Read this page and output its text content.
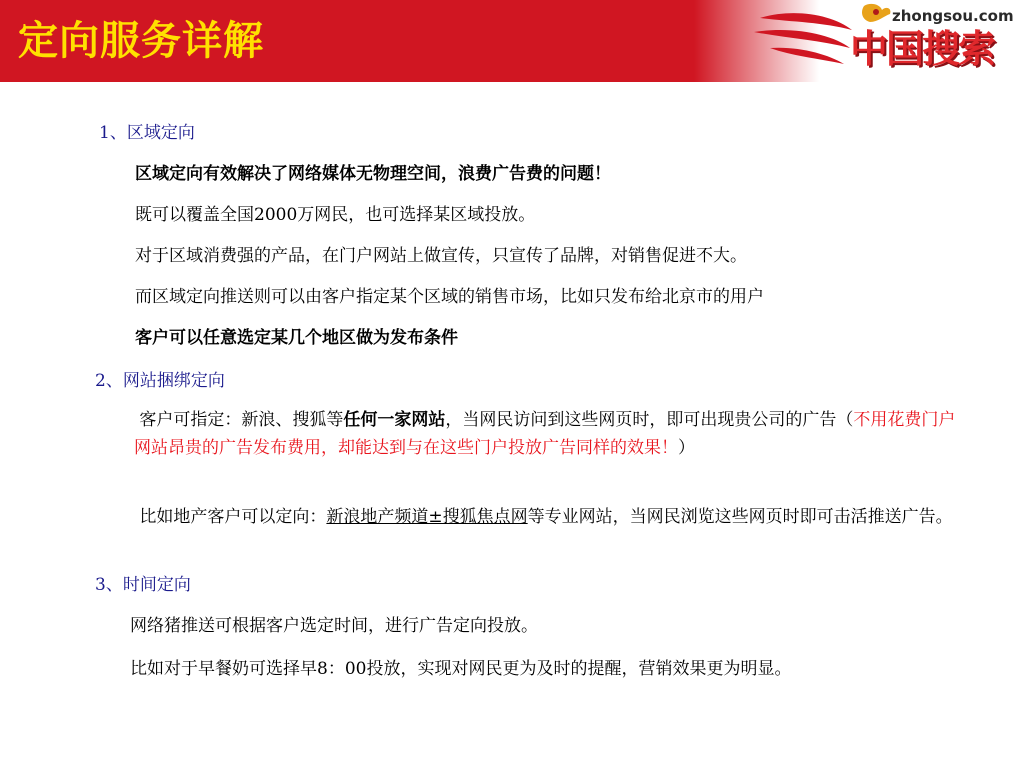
定向服务详解
zhongsou.com
中国搜索
1、区域定向
区域定向有效解决了网络媒体无物理空间，浪费广告费的问题！
既可以覆盖全国2000万网民，也可选择某区域投放。
对于区域消费强的产品，在门户网站上做宣传，只宣传了品牌，对销售促进不大。
而区域定向推送则可以由客户指定某个区域的销售市场，比如只发布给北京市的用户
客户可以任意选定某几个地区做为发布条件
2、网站捆绑定向
客户可指定：新浪、搜狐等任何一家网站，当网民访问到这些网页时，即可出现贵公司的广告（不用花费门户网站昂贵的广告发布费用，却能达到与在这些门户投放广告同样的效果！）
比如地产客户可以定向：新浪地产频道±搜狐焦点网等专业网站，当网民浏览这些网页时即可击活推送广告。
3、时间定向
网络猪推送可根据客户选定时间，进行广告定向投放。
比如对于早餐奶可选择早8：00投放，实现对网民更为及时的提醒，营销效果更为明显。
